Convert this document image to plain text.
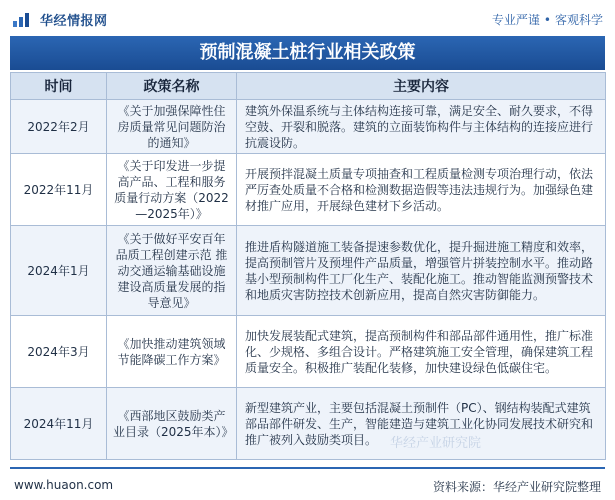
华经情报网	专业严谨 • 客观科学
预制混凝土桩行业相关政策
时间	政策名称	主要内容
2022年2月	《关于加强保障性住房质量常见问题防治的通知》	建筑外保温系统与主体结构连接可靠，满足安全、耐久要求，不得空鼓、开裂和脱落。建筑的立面装饰构件与主体结构的连接应进行抗震设防。
2022年11月	《关于印发进一步提高产品、工程和服务质量行动方案（2022—2025年）》	开展预拌混凝土质量专项抽查和工程质量检测专项治理行动，依法严厉查处质量不合格和检测数据造假等违法违规行为。加强绿色建材推广应用，开展绿色建材下乡活动。
2024年1月	《关于做好平安百年品质工程创建示范 推动交通运输基础设施建设高质量发展的指导意见》	推进盾构隧道施工装备提速参数优化，提升掘进施工精度和效率，提高预制管片及预埋件产品质量，增强管片拼装控制水平。推动路基小型预制构件工厂化生产、装配化施工。推动智能监测预警技术和地质灾害防控技术创新应用，提高自然灾害防御能力。
2024年3月	《加快推动建筑领域节能降碳工作方案》	加快发展装配式建筑，提高预制构件和部品部件通用性，推广标准化、少规格、多组合设计。严格建筑施工安全管理，确保建筑工程质量安全。积极推广装配化装修，加快建设绿色低碳住宅。
2024年11月	《西部地区鼓励类产业目录（2025年本）》	新型建筑产业，主要包括混凝土预制件（PC）、钢结构装配式建筑部品部件研发、生产，智能建造与建筑工业化协同发展技术研究和推广被列入鼓励类项目。 华经产业研究院
www.huaon.com	资料来源：华经产业研究院整理
